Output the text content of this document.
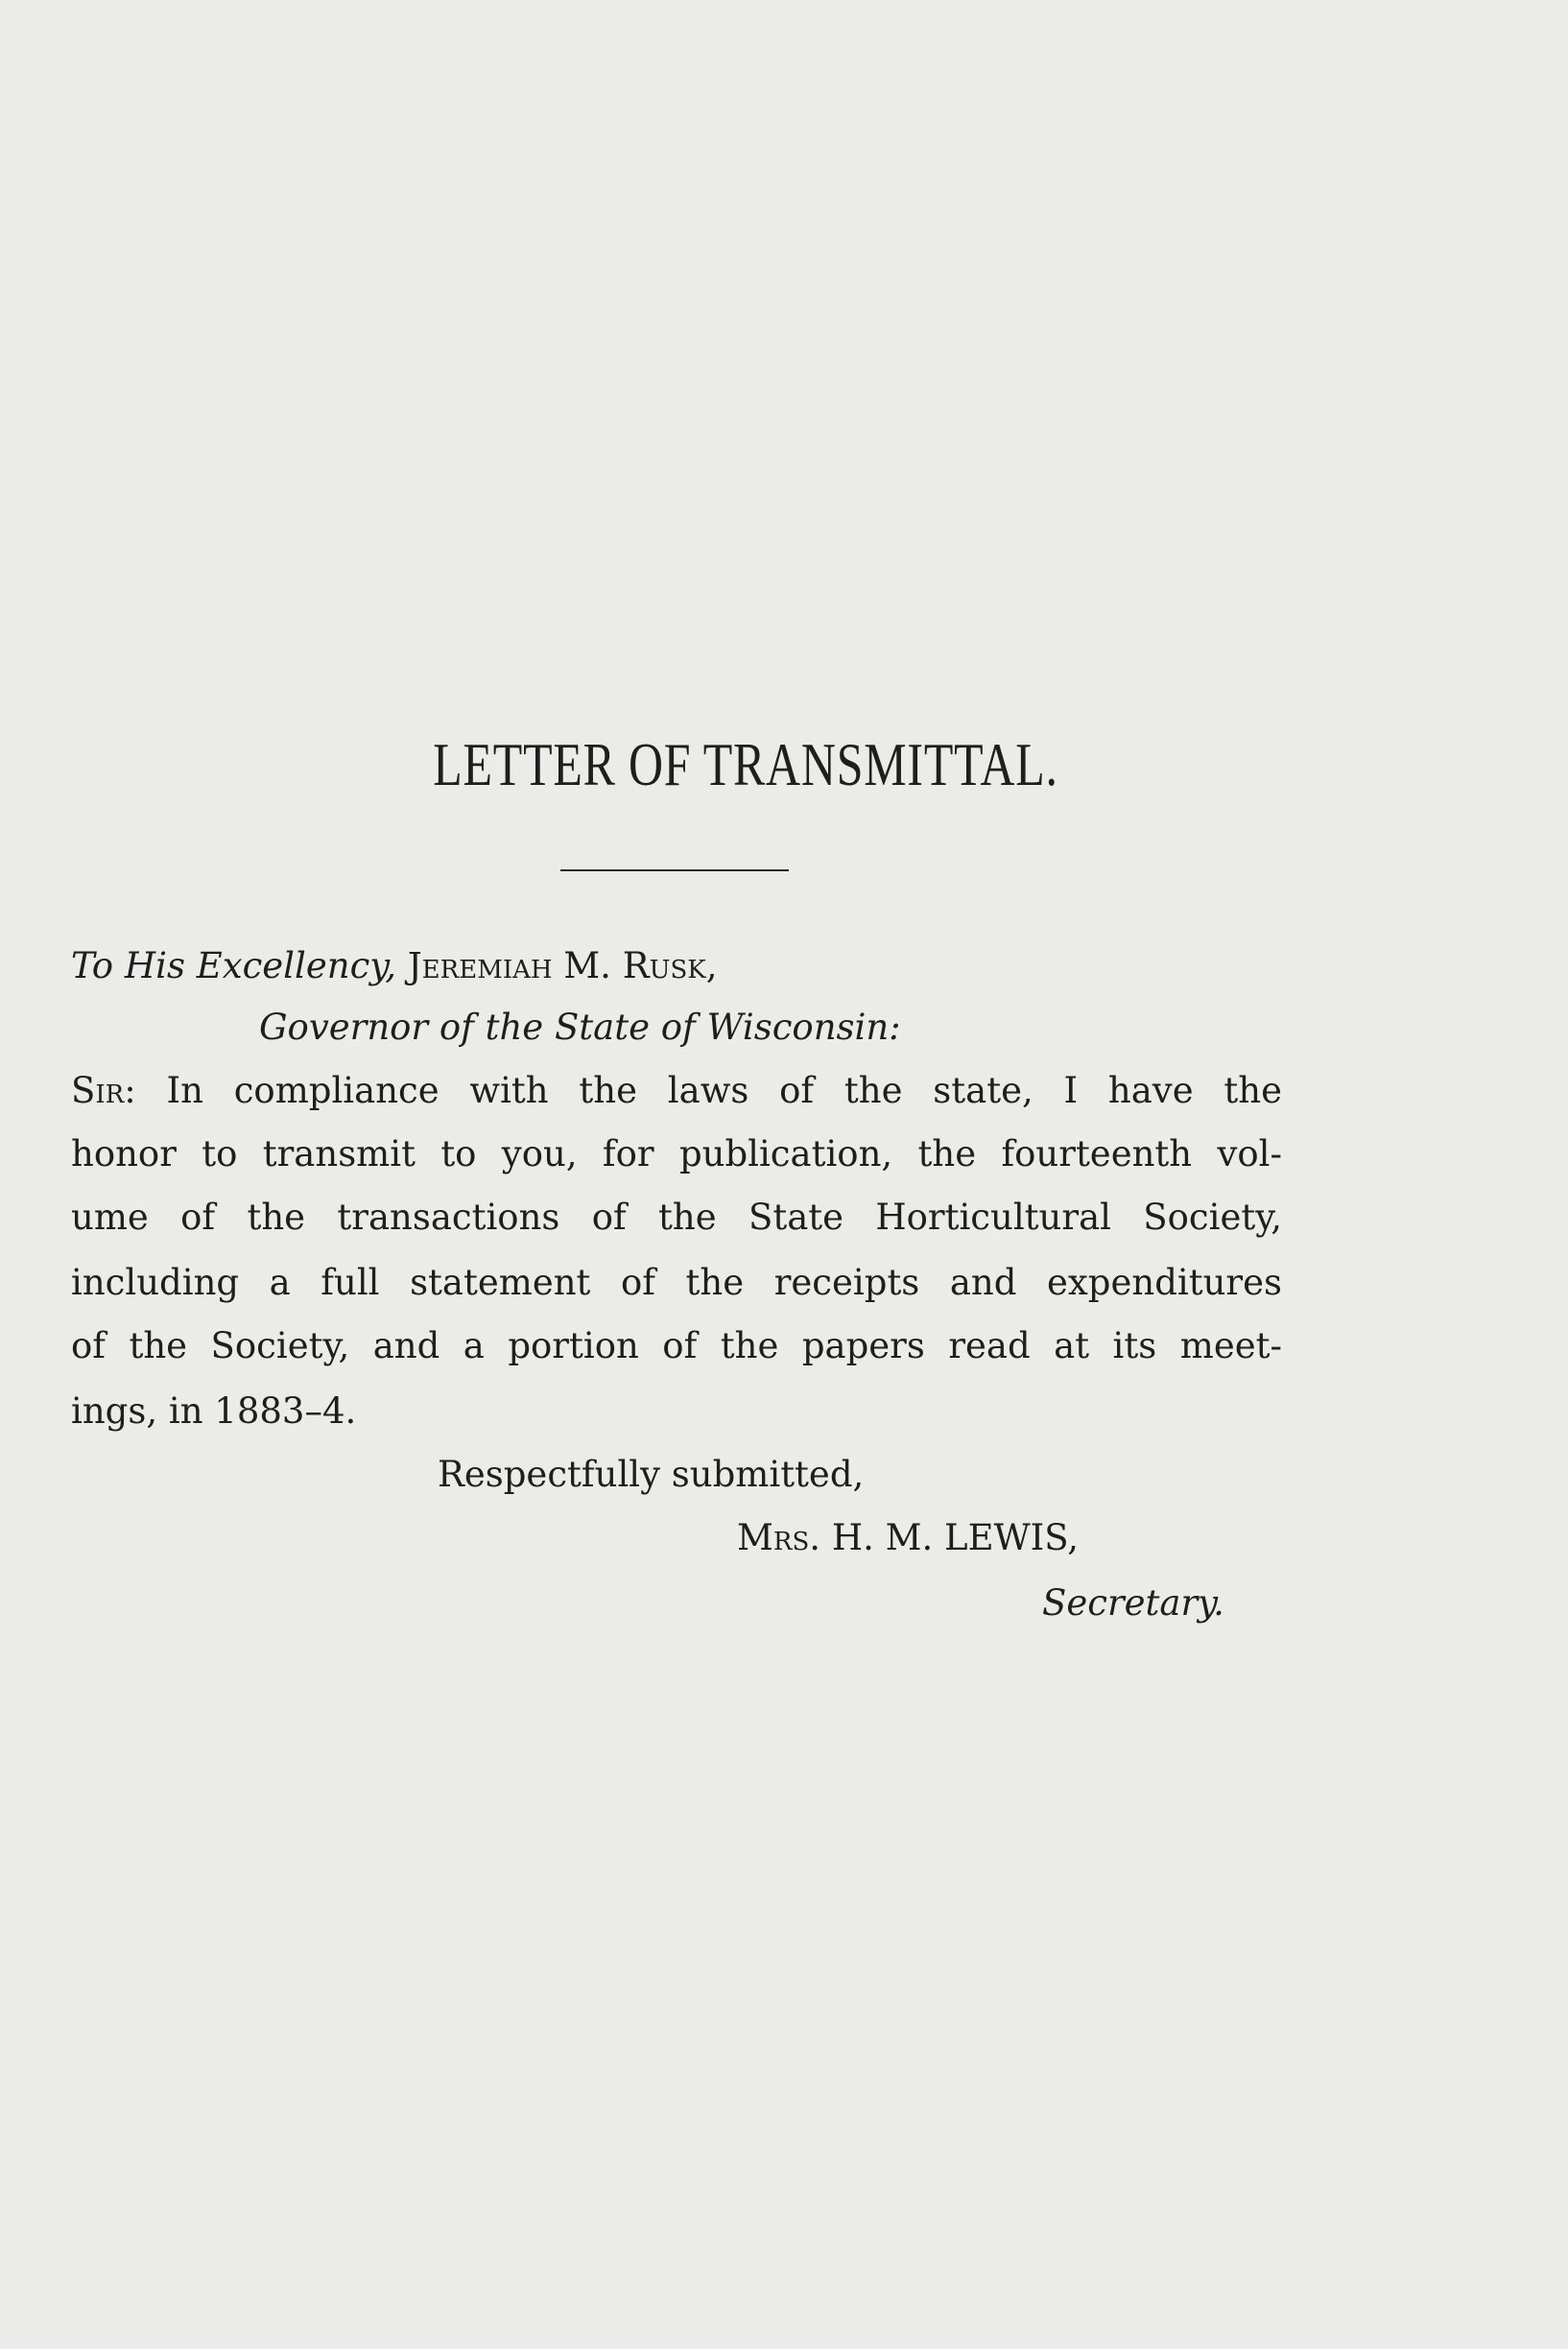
LETTER OF TRANSMITTAL.
To His Excellency, Jeremiah M. Rusk,
Governor of the State of Wisconsin:
Sir: In compliance with the laws of the state, I have the
honor to transmit to you, for publication, the fourteenth vol-
ume of the transactions of the State Horticultural Society,
including a full statement of the receipts and expenditures
of the Society, and a portion of the papers read at its meet-
ings, in 1883–4.
Respectfully submitted,
Mrs. H. M. LEWIS,
Secretary.
